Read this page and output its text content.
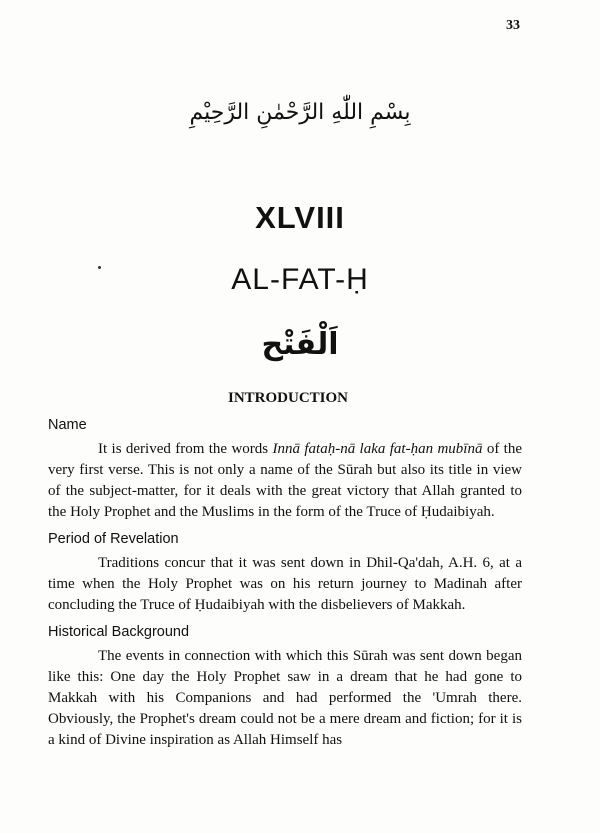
33
بِسْمِ اللّٰهِ الرَّحْمٰنِ الرَّحِيْمِ
XLVIII
AL-FAT-Ḥ
اَلْفَتْح
INTRODUCTION
Name

It is derived from the words Innā fataḥ-nā laka fat-ḥan mubīnā of the very first verse. This is not only a name of the Sūrah but also its title in view of the subject-matter, for it deals with the great victory that Allah granted to the Holy Prophet and the Muslims in the form of the Truce of Ḥudaibiyah.

Period of Revelation

Traditions concur that it was sent down in Dhil-Qa'dah, A.H. 6, at a time when the Holy Prophet was on his return journey to Madinah after concluding the Truce of Ḥudaibiyah with the disbelievers of Makkah.

Historical Background

The events in connection with which this Sūrah was sent down began like this: One day the Holy Prophet saw in a dream that he had gone to Makkah with his Companions and had performed the 'Umrah there. Obviously, the Prophet's dream could not be a mere dream and fiction; for it is a kind of Divine inspiration as Allah Himself has
